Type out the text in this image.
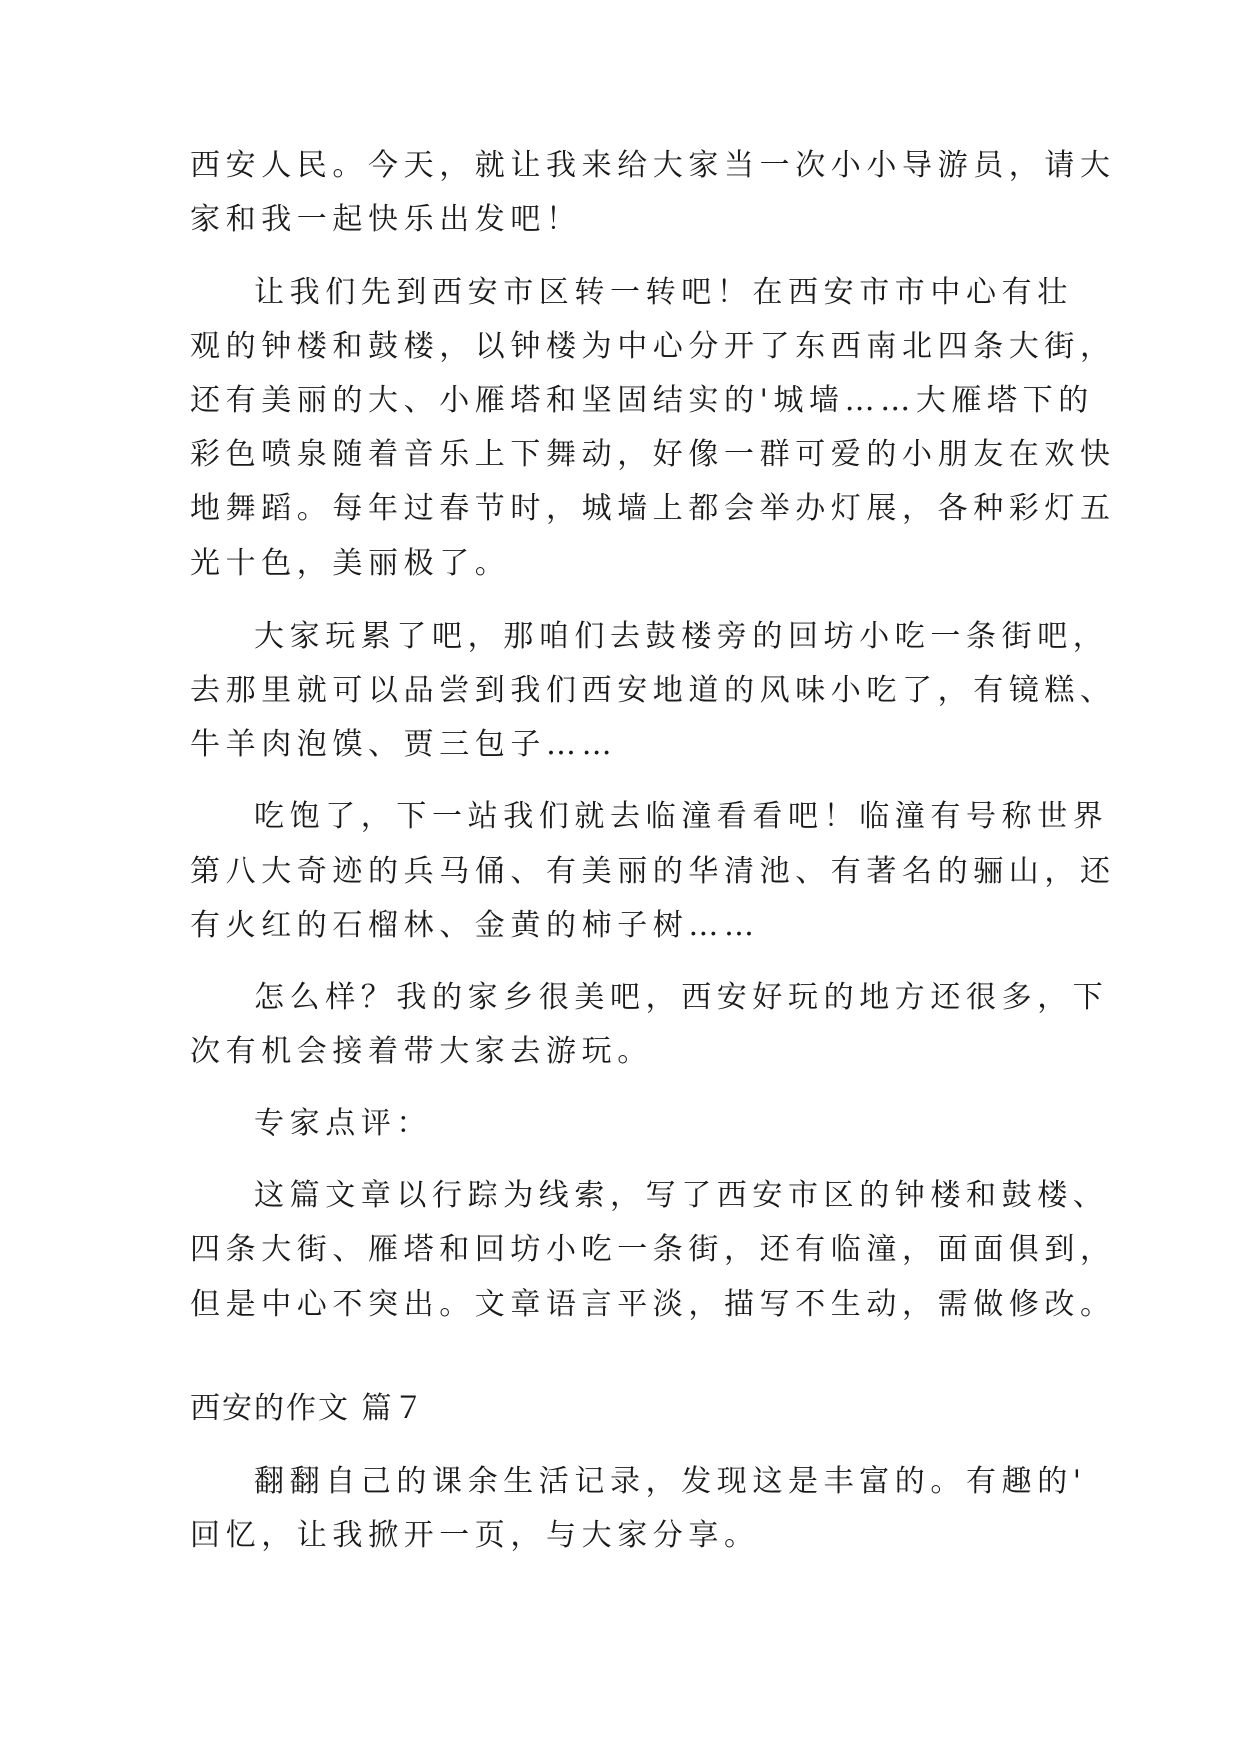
西安人民。今天，就让我来给大家当一次小小导游员，请大

家和我一起快乐出发吧！

让我们先到西安市区转一转吧！在西安市市中心有壮

观的钟楼和鼓楼，以钟楼为中心分开了东西南北四条大街，

还有美丽的大、小雁塔和坚固结实的'城墙……大雁塔下的

彩色喷泉随着音乐上下舞动，好像一群可爱的小朋友在欢快

地舞蹈。每年过春节时，城墙上都会举办灯展，各种彩灯五

光十色，美丽极了。

大家玩累了吧，那咱们去鼓楼旁的回坊小吃一条街吧，

去那里就可以品尝到我们西安地道的风味小吃了，有镜糕、

牛羊肉泡馍、贾三包子……

吃饱了，下一站我们就去临潼看看吧！临潼有号称世界

第八大奇迹的兵马俑、有美丽的华清池、有著名的骊山，还

有火红的石榴林、金黄的柿子树……

怎么样？我的家乡很美吧，西安好玩的地方还很多，下

次有机会接着带大家去游玩。

专家点评：

这篇文章以行踪为线索，写了西安市区的钟楼和鼓楼、

四条大街、雁塔和回坊小吃一条街，还有临潼，面面俱到，

但是中心不突出。文章语言平淡，描写不生动，需做修改。

西安的作文 篇７

翻翻自己的课余生活记录，发现这是丰富的。有趣的'

回忆，让我掀开一页，与大家分享。
